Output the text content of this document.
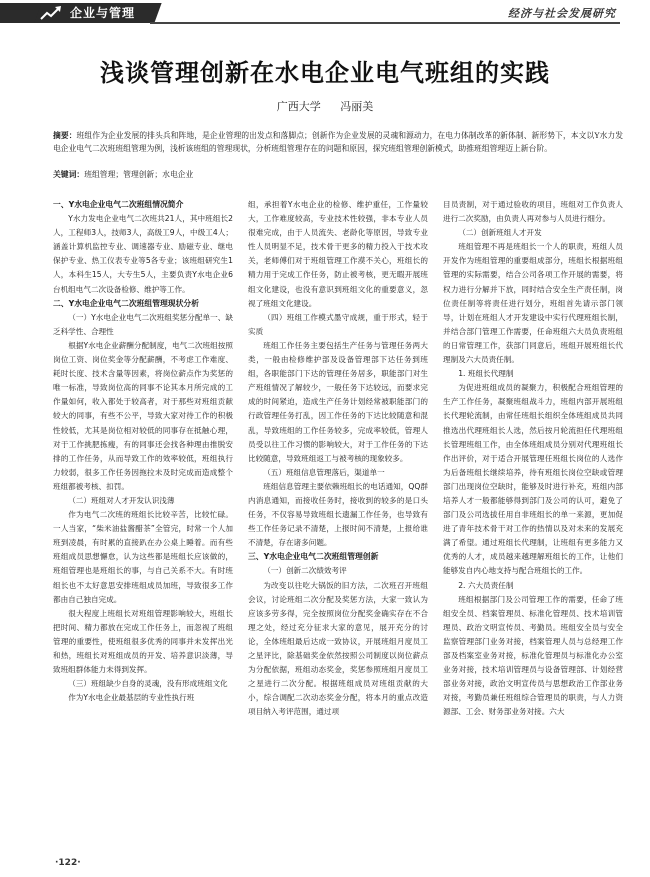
企业与管理	经济与社会发展研究
浅谈管理创新在水电企业电气班组的实践
广西大学 冯丽美
摘要：班组作为企业发展的排头兵和阵地，是企业管理的出发点和落脚点；创新作为企业发展的灵魂和源动力，在电力体制改革的新体制、新形势下，本文以Y水力发电企业电气二次班班组管理为例，浅析该班组的管理现状，分析班组管理存在的问题和原因，探究班组管理创新模式，助推班组管理迈上新台阶。
关键词：班组管理；管理创新；水电企业
一、Y水电企业电气二次班组情况简介

Y水力发电企业电气二次班共21人，其中班组长2人，工程师3人，技师3人，高级工9人，中级工4人；涵盖计算机监控专业、调速器专业、励磁专业、继电保护专业、热工仪表专业等5各专业；该班组研究生1人，本科生15人，大专生5人，主要负责Y水电企业6台机组电气二次设备检修、维护等工作。

二、Y水电企业电气二次班组管理现状分析
（一）Y水电企业电气二次班组奖惩分配单一、缺乏科学性、合理性

根据Y水电企业薪酬分配制度，电气二次班组按照岗位工资、岗位奖金等分配薪酬，不考虑工作难度、耗时长度、技术含量等因素，将岗位薪点作为奖惩的唯一标准，导致岗位高的同事不论其本月所完成的工作量如何，收入都处于较高者，对于那些对班组贡献较大的同事，有些不公平，导致大家对待工作的积极性较低，尤其是岗位相对较低的同事存在抵触心理，对于工作挑肥拣瘦，有的同事还会找各种理由推脱安排的工作任务，从而导致工作的效率较低，班组执行力较弱，很多工作任务因拖拉未及时完成而造成整个班组都被考核、扣罚。

（二）班组对人才开发认识浅薄

作为电气二次班的班组长比较辛苦，比较忙碌。一人当家，“柴米油盐酱醋茶”全管完，时常一个人加班到凌晨，有时累的直接趴在办公桌上睡着。而有些班组成员思想懈怠，认为这些都是班组长应该做的，班组管理也是班组长的事，与自己关系不大。有时班组长也不太好意思安排班组成员加班，导致很多工作都由自己独自完成。

很大程度上班组长对班组管理影响较大，班组长把时间、精力都放在完成工作任务上，而忽视了班组管理的重要性，使班组很多优秀的同事并未发挥出光和热，班组长对班组成员的开发、培养意识淡薄，导致班组群体能力未得到发挥。

（三）班组缺少自身的灵魂，没有形成班组文化

作为Y水电企业最基层的专业性执行班

组，承担着Y水电企业的检修、维护重任，工作量较大，工作难度较高，专业技术性较强，非本专业人员很难完成，由于人员流失、老龄化等原因，导致专业性人员明显不足，技术骨干更多的精力投入于技术攻关，老师傅们对于班组管理工作漠不关心，班组长的精力用于完成工作任务，防止被考核，更无暇开展班组文化建设，也没有意识到班组文化的重要意义，忽视了班组文化建设。

（四）班组工作模式墨守成规，重于形式，轻于实质

班组工作任务主要包括生产任务与管理任务两大类，一般由检修维护部及设备管理部下达任务到班组，各职能部门下达的管理任务居多，职能部门对生产班组情况了解较少，一般任务下达较远，而要求完成的时间紧迫，造成生产任务计划经常被职能部门的行政管理任务打乱，因工作任务的下达比较随意和混乱，导致班组的工作任务较多，完成率较低，管理人员受以往工作习惯的影响较大，对于工作任务的下达比较随意，导致班组返工与被考核的现象较多。

（五）班组信息管理落后，渠道单一

班组信息管理主要依赖班组长的电话通知，QQ群内消息通知，而接收任务时，接收到的较多的是口头任务，不仅容易导致班组长遗漏工作任务，也导致有些工作任务记录不清楚，上报时间不清楚，上报给谁不清楚，存在诸多问题。

三、Y水电企业电气二次班组管理创新
（一）创新二次绩效考评

为改变以往吃大锅饭的旧方法，二次班召开班组会议，讨论班组二次分配及奖惩方法，大家一致认为应该多劳多得，完全按照岗位分配奖金确实存在不合理之处，经过充分征求大家的意见，展开充分的讨论，全体班组最后达成一致协议，开展班组月度员工之星评比，除基础奖金依然按照公司制度以岗位薪点为分配依据，班组动态奖金，奖惩参照班组月度员工之星进行二次分配。根据班组成员对班组贡献的大小，综合调配二次动态奖金分配，将本月的重点改造项目纳入考评范围，通过项

目员责制，对于通过验收的项目，班组对工作负责人进行二次奖励，由负责人再对参与人员进行细分。

（二）创新班组人才开发

班组管理不再是班组长一个人的职责，班组人员开发作为班组管理的重要组成部分，班组长根据班组管理的实际需要，结合公司各项工作开展的需要，将权力进行分解并下放，同时结合安全生产责任制，岗位责任制等将责任进行划分，班组首先请示部门领导，计划在班组人才开发建设中实行代理班组长制，并结合部门管理工作需要，任命班组六大员负责班组的日常管理工作，获部门同意后，班组开展班组长代理制及六大员责任制。

1. 班组长代理制

为促进班组成员的凝聚力，积极配合班组管理的生产工作任务，凝聚班组战斗力，班组内部开展班组长代理轮流制，由常任班组长组织全体班组成员共同推选出代理班组长人选，然后按月轮流担任代理班组长管理班组工作，由全体班组成员分别对代理班组长作出评价，对于适合开展管理任班组长岗位的人选作为后备班组长继续培养，待有班组长岗位空缺或管理部门出现岗位空缺时，能够及时进行补充，班组内部培养人才一般都能够得到部门及公司的认可，避免了部门及公司选拔任用自非班组长的单一来源，更加促进了青年技术骨干对工作的热情以及对未来的发展充满了希望。通过班组长代理制，让班组有更多能力又优秀的人才，成员越来越理解班组长的工作，让他们能够发自内心地支持与配合班组长的工作。

2. 六大员责任制

班组根据部门及公司管理工作的需要，任命了班组安全员、档案管理员、标准化管理员、技术培训管理员、政治文明宣传员、考勤员。班组安全员与安全监察管理部门业务对接，档案管理人员与总经理工作部及档案室业务对接，标准化管理员与标准化办公室业务对接，技术培训管理员与设备管理部、计划经营部业务对接，政治文明宣传员与思想政治工作部业务对接，考勤员兼任班组综合管理员的职责，与人力资源部、工会、财务部业务对接。六大

·122·
